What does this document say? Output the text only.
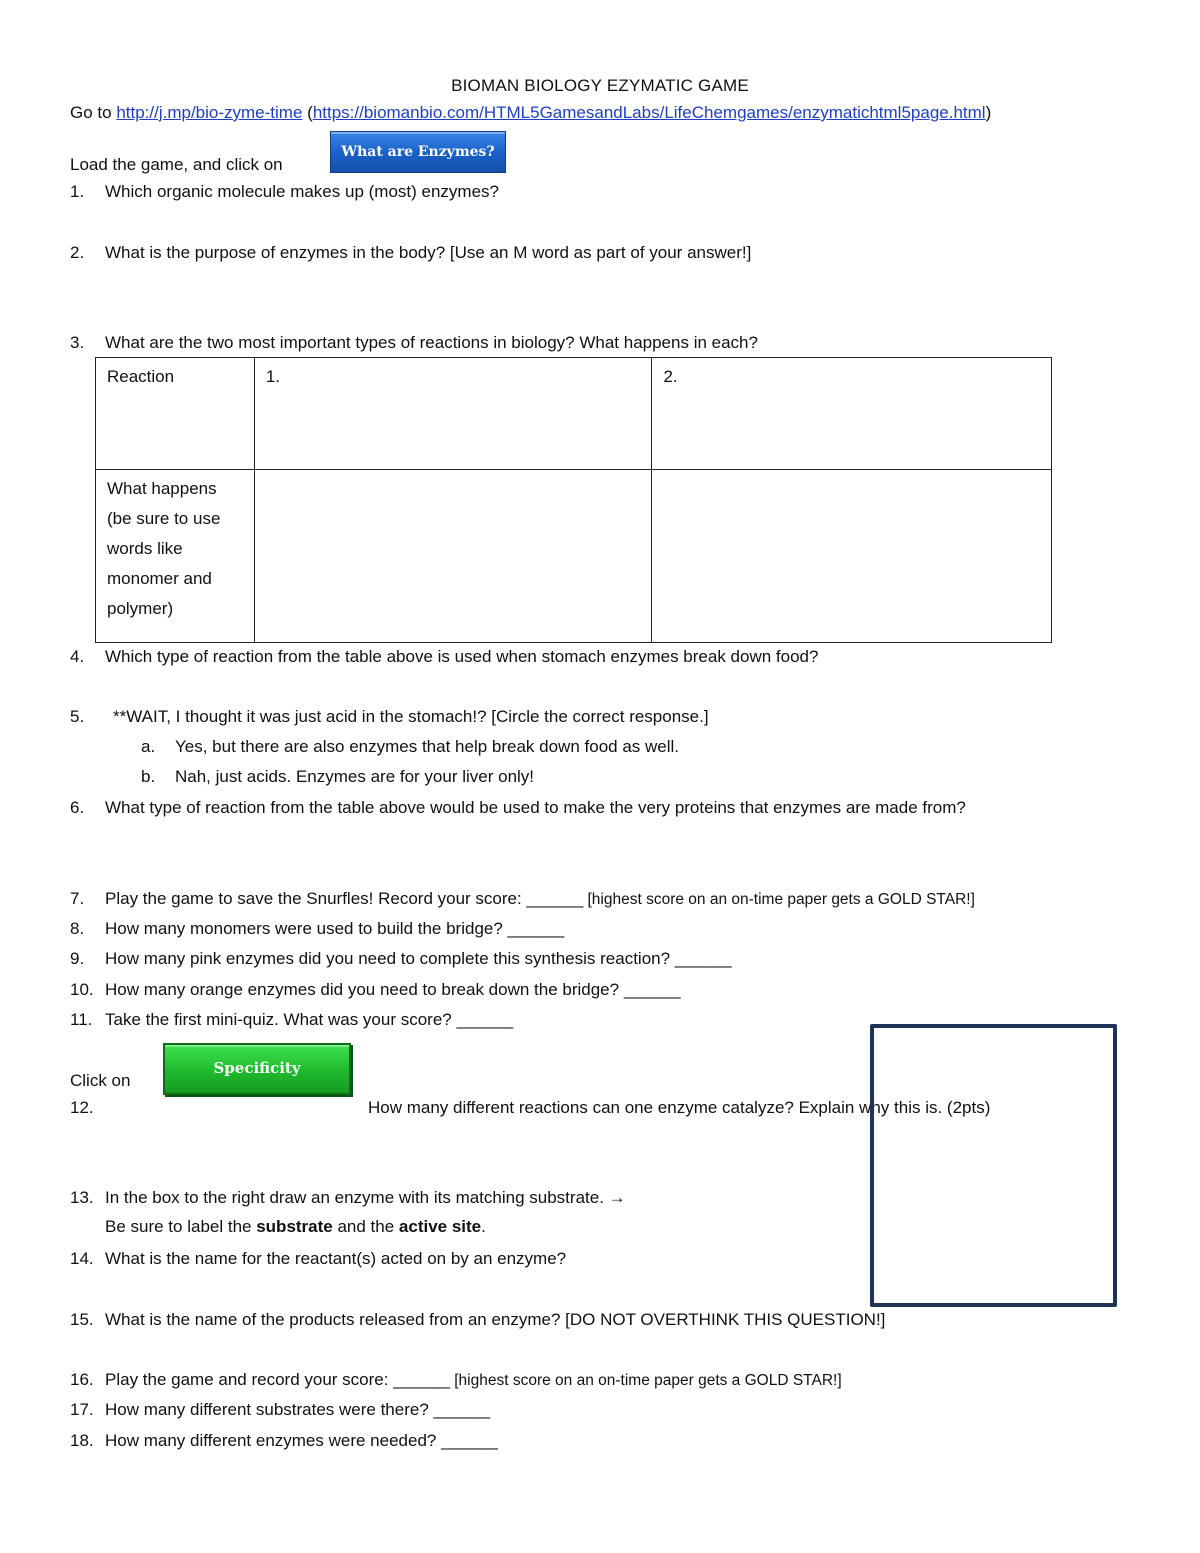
BIOMAN BIOLOGY EZYMATIC GAME
Go to http://j.mp/bio-zyme-time (https://biomanbio.com/HTML5GamesandLabs/LifeChemgames/enzymatichtml5page.html)
Load the game, and click on
What are Enzymes?
1. Which organic molecule makes up (most) enzymes?
2. What is the purpose of enzymes in the body? [Use an M word as part of your answer!]
3. What are the two most important types of reactions in biology? What happens in each?
Reaction	1.	2.

What happens
(be sure to use
words like
monomer and
polymer)		

4. Which type of reaction from the table above is used when stomach enzymes break down food?
5. **WAIT, I thought it was just acid in the stomach!? [Circle the correct response.]
a. Yes, but there are also enzymes that help break down food as well.
b. Nah, just acids. Enzymes are for your liver only!
6. What type of reaction from the table above would be used to make the very proteins that enzymes are made from?
7. Play the game to save the Snurfles! Record your score: ______ [highest score on an on-time paper gets a GOLD STAR!]
8. How many monomers were used to build the bridge? ______
9. How many pink enzymes did you need to complete this synthesis reaction? ______
10. How many orange enzymes did you need to break down the bridge? ______
11. Take the first mini-quiz. What was your score? ______
Click on
Specificity
12.	How many different reactions can one enzyme catalyze? Explain why this is. (2pts)
13. In the box to the right draw an enzyme with its matching substrate. →
Be sure to label the substrate and the active site.
14. What is the name for the reactant(s) acted on by an enzyme?
15. What is the name of the products released from an enzyme? [DO NOT OVERTHINK THIS QUESTION!]
16. Play the game and record your score: ______ [highest score on an on-time paper gets a GOLD STAR!]
17. How many different substrates were there? ______
18. How many different enzymes were needed? ______
